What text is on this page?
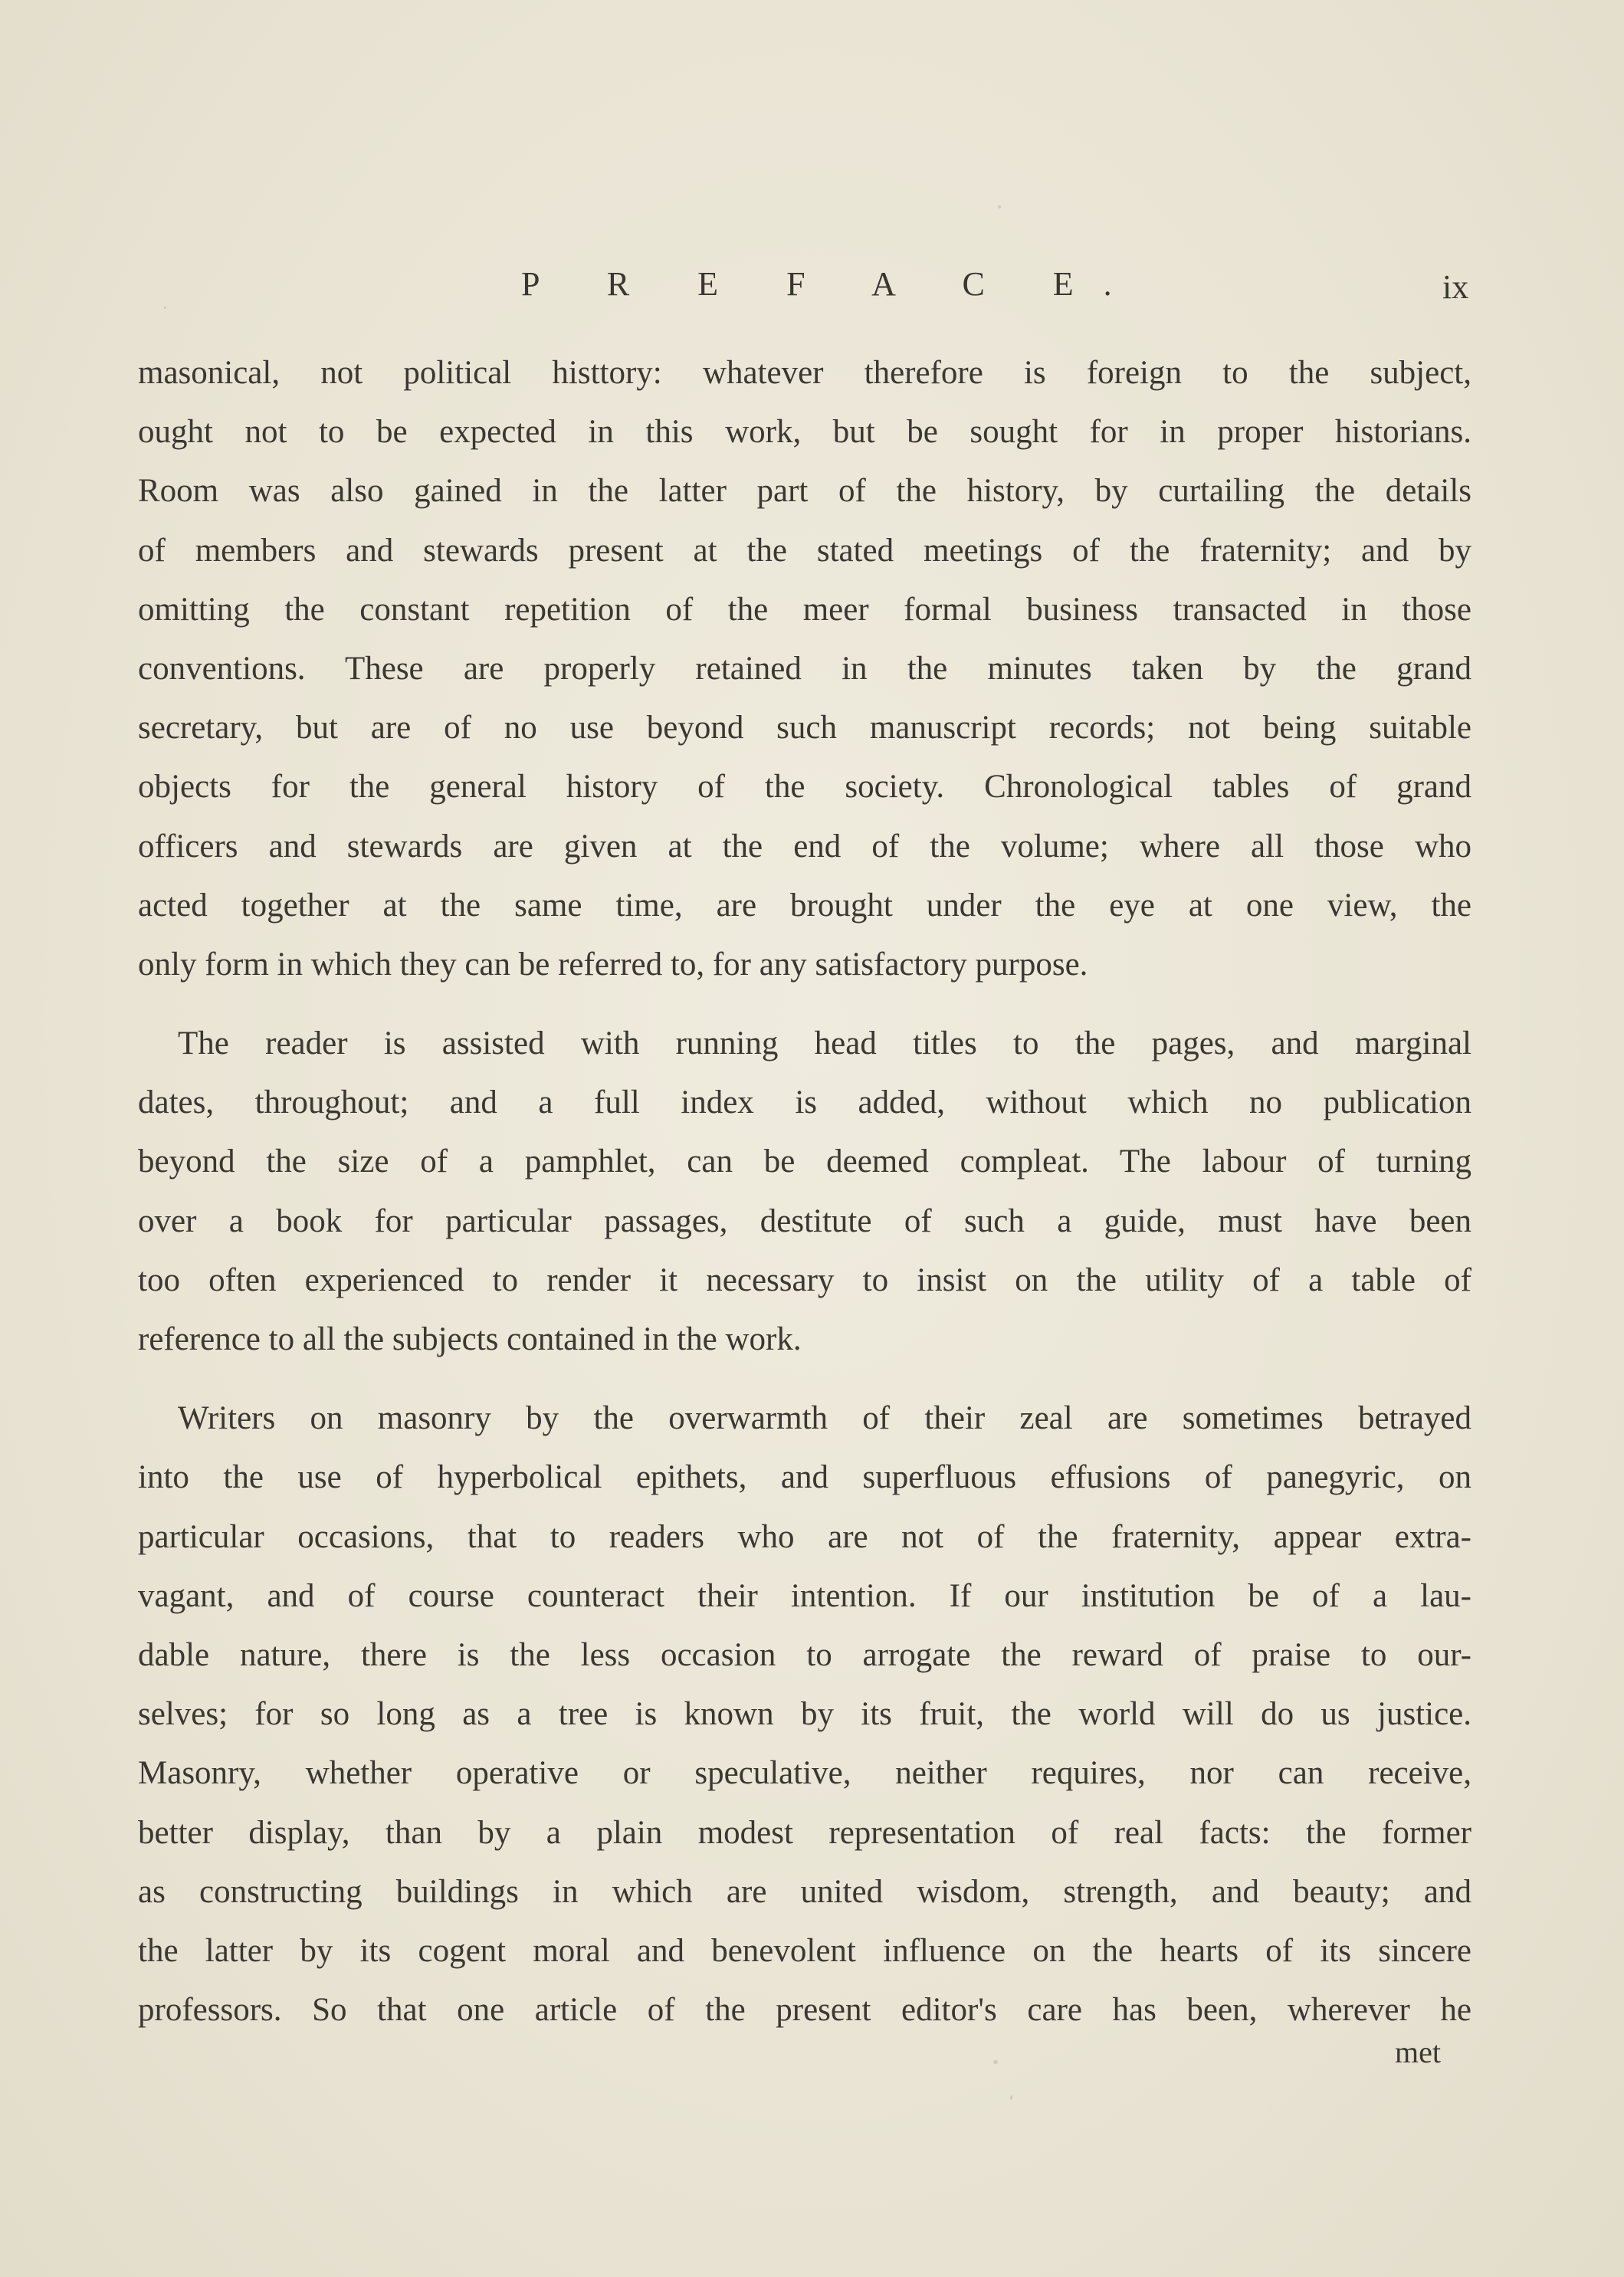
P R E F A C E.	ix

masonical, not political histtory: whatever therefore is foreign to the subject,
ought not to be expected in this work, but be sought for in proper historians.
Room was also gained in the latter part of the history, by curtailing the details
of members and stewards present at the stated meetings of the fraternity; and by
omitting the constant repetition of the meer formal business transacted in those
conventions. These are properly retained in the minutes taken by the grand
secretary, but are of no use beyond such manuscript records; not being suitable
objects for the general history of the society. Chronological tables of grand
officers and stewards are given at the end of the volume; where all those who
acted together at the same time, are brought under the eye at one view, the
only form in which they can be referred to, for any satisfactory purpose.

The reader is assisted with running head titles to the pages, and marginal
dates, throughout; and a full index is added, without which no publication
beyond the size of a pamphlet, can be deemed compleat. The labour of turning
over a book for particular passages, destitute of such a guide, must have been
too often experienced to render it necessary to insist on the utility of a table of
reference to all the subjects contained in the work.

Writers on masonry by the overwarmth of their zeal are sometimes betrayed
into the use of hyperbolical epithets, and superfluous effusions of panegyric, on
particular occasions, that to readers who are not of the fraternity, appear extra-
vagant, and of course counteract their intention. If our institution be of a lau-
dable nature, there is the less occasion to arrogate the reward of praise to our-
selves; for so long as a tree is known by its fruit, the world will do us justice.
Masonry, whether operative or speculative, neither requires, nor can receive,
better display, than by a plain modest representation of real facts: the former
as constructing buildings in which are united wisdom, strength, and beauty; and
the latter by its cogent moral and benevolent influence on the hearts of its sincere
professors. So that one article of the present editor's care has been, wherever he

met
